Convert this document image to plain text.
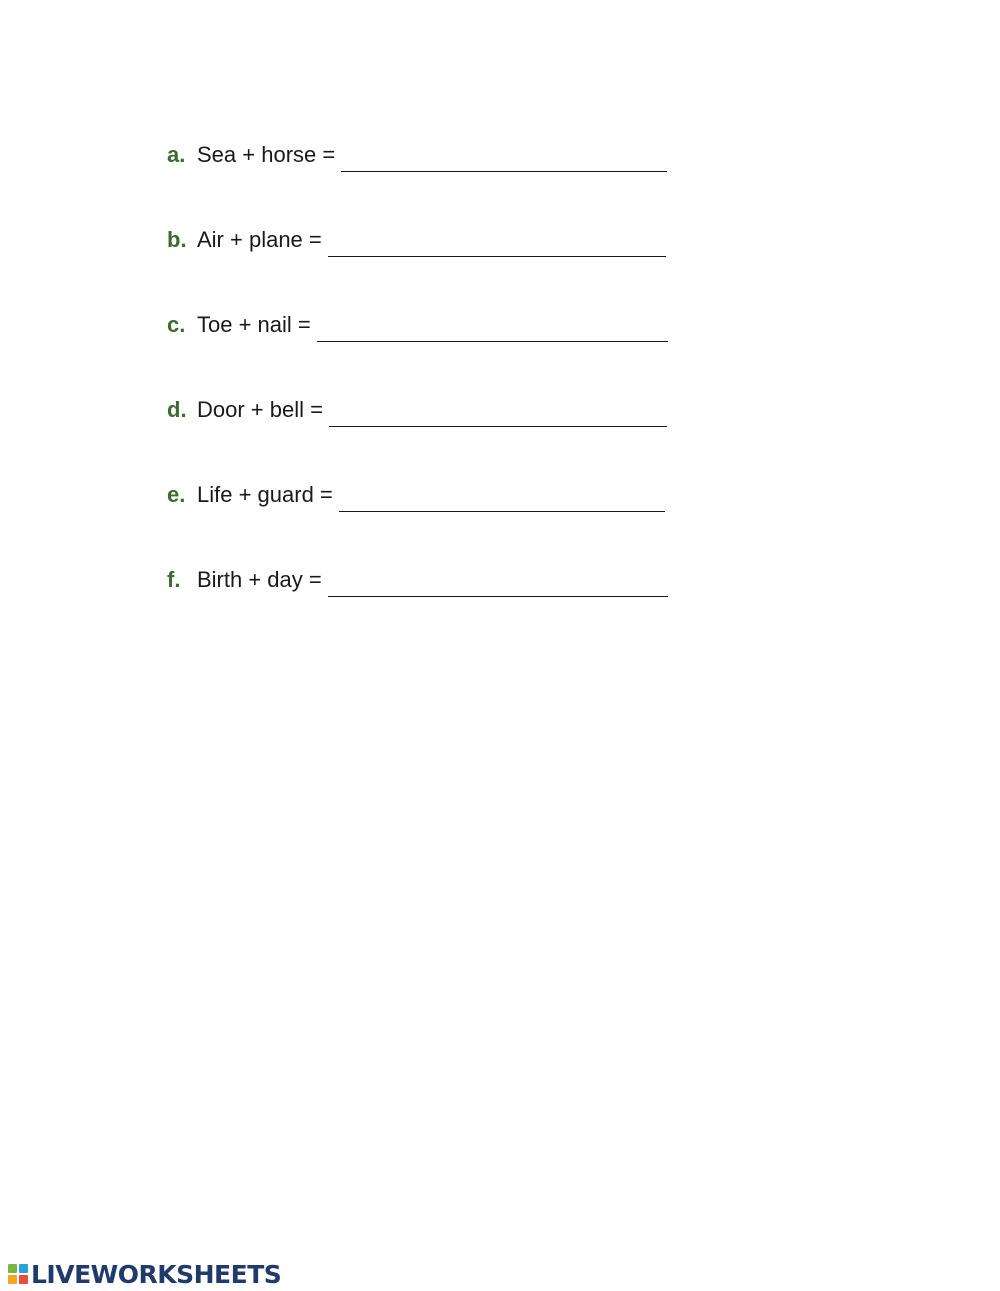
a. Sea + horse =
b. Air + plane =
c. Toe + nail =
d. Door + bell =
e. Life + guard =
f. Birth + day =
LIVEWORKSHEETS
